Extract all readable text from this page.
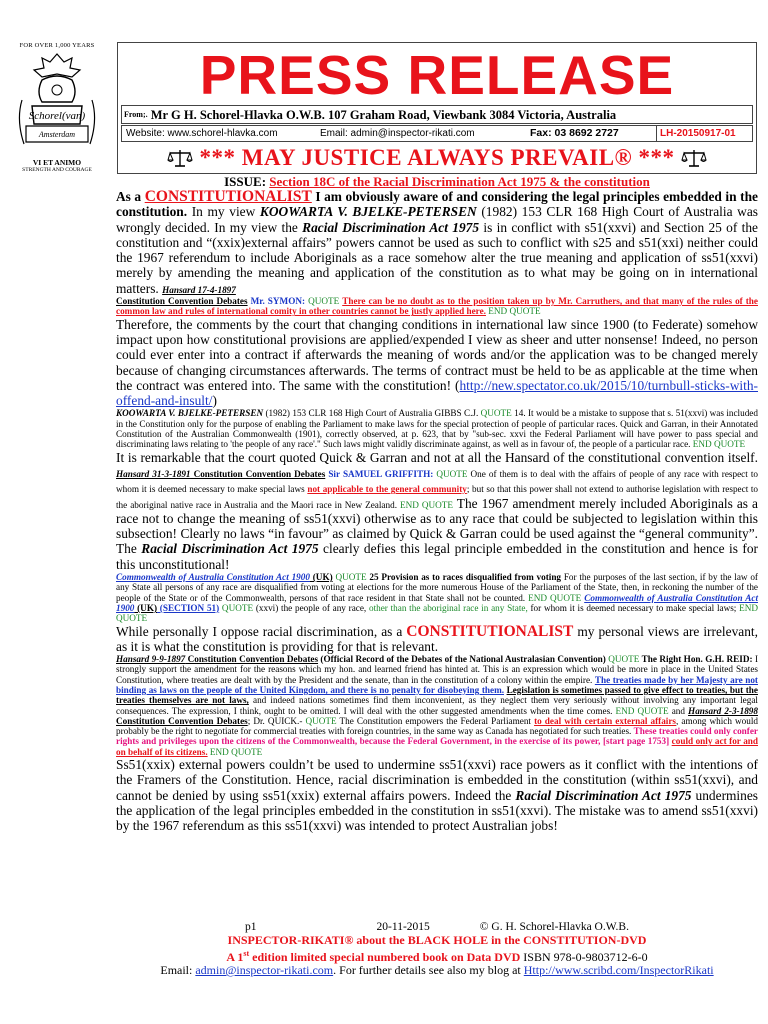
FOR OVER 1,000 YEARS
Schorel(van)
Amsterdam
VI ET ANIMO
STRENGTH AND COURAGE
PRESS RELEASE
From;. Mr G H. Schorel-Hlavka O.W.B. 107 Graham Road, Viewbank 3084 Victoria, Australia
Website: www.schorel-hlavka.com	Email: admin@inspector-rikati.com	Fax: 03 8692 2727	LH-20150917-01
*** MAY JUSTICE ALWAYS PREVAIL® ***

ISSUE: Section 18C of the Racial Discrimination Act 1975 & the constitution

As a CONSTITUTIONALIST I am obviously aware of and considering the legal principles embedded in the constitution. In my view KOOWARTA V. BJELKE-PETERSEN (1982) 153 CLR 168 High Court of Australia was wrongly decided. In my view the Racial Discrimination Act 1975 is in conflict with s51(xxvi) and Section 25 of the constitution and “(xxix)external affairs” powers cannot be used as such to conflict with s25 and s51(xxi) neither could the 1967 referendum to include Aboriginals as a race somehow alter the true meaning and application of ss51(xxvi) merely by amending the meaning and application of the constitution as to what may be going on in international matters. Hansard 17-4-1897

Constitution Convention Debates Mr. SYMON: QUOTE There can be no doubt as to the position taken up by Mr. Carruthers, and that many of the rules of the common law and rules of international comity in other countries cannot be justly applied here. END QUOTE

Therefore, the comments by the court that changing conditions in international law since 1900 (to Federate) somehow impact upon how constitutional provisions are applied/expended I view as sheer and utter nonsense! Indeed, no person could ever enter into a contract if afterwards the meaning of words and/or the application was to be changed merely because of changing circumstances afterwards. The terms of contract must be held to be as applicable at the time when the contract was entered into. The same with the constitution! (http://new.spectator.co.uk/2015/10/turnbull-sticks-with-offend-and-insult/)

KOOWARTA V. BJELKE-PETERSEN (1982) 153 CLR 168 High Court of Australia GIBBS C.J. QUOTE 14. It would be a mistake to suppose that s. 51(xxvi) was included in the Constitution only for the purpose of enabling the Parliament to make laws for the special protection of people of particular races. Quick and Garran, in their Annotated Constitution of the Australian Commonwealth (1901), correctly observed, at p. 623, that by "sub-sec. xxvi the Federal Parliament will have power to pass special and discriminating laws relating to 'the people of any race'." Such laws might validly discriminate against, as well as in favour of, the people of a particular race. END QUOTE

It is remarkable that the court quoted Quick & Garran and not at all the Hansard of the constitutional convention itself. Hansard 31-3-1891 Constitution Convention Debates Sir SAMUEL GRIFFITH: QUOTE One of them is to deal with the affairs of people of any race with respect to whom it is deemed necessary to make special laws not applicable to the general community; but so that this power shall not extend to authorise legislation with respect to the aboriginal native race in Australia and the Maori race in New Zealand. END QUOTE The 1967 amendment merely included Aboriginals as a race not to change the meaning of ss51(xxvi) otherwise as to any race that could be subjected to legislation within this subsection! Clearly no laws “in favour” as claimed by Quick & Garran could be used against the “general community”. The Racial Discrimination Act 1975 clearly defies this legal principle embedded in the constitution and hence is for this unconstitutional!

Commonwealth of Australia Constitution Act 1900 (UK) QUOTE 25 Provision as to races disqualified from voting For the purposes of the last section, if by the law of any State all persons of any race are disqualified from voting at elections for the more numerous House of the Parliament of the State, then, in reckoning the number of the people of the State or of the Commonwealth, persons of that race resident in that State shall not be counted. END QUOTE Commonwealth of Australia Constitution Act 1900 (UK) (SECTION 51) QUOTE (xxvi) the people of any race, other than the aboriginal race in any State, for whom it is deemed necessary to make special laws; END QUOTE

While personally I oppose racial discrimination, as a CONSTITUTIONALIST my personal views are irrelevant, as it is what the constitution is providing for that is relevant.

Hansard 9-9-1897 Constitution Convention Debates (Official Record of the Debates of the National Australasian Convention) QUOTE The Right Hon. G.H. REID: I strongly support the amendment for the reasons which my hon. and learned friend has hinted at. This is an expression which would be more in place in the United States Constitution, where treaties are dealt with by the President and the senate, than in the constitution of a colony within the empire. The treaties made by her Majesty are not binding as laws on the people of the United Kingdom, and there is no penalty for disobeying them. Legislation is sometimes passed to give effect to treaties, but the treaties themselves are not laws, and indeed nations sometimes find them inconvenient, as they neglect them very seriously without involving any important legal consequences. The expression, I think, ought to be omitted. I will deal with the other suggested amendments when the time comes. END QUOTE and Hansard 2-3-1898 Constitution Convention Debates; Dr. QUICK.- QUOTE The Constitution empowers the Federal Parliament to deal with certain external affairs, among which would probably be the right to negotiate for commercial treaties with foreign countries, in the same way as Canada has negotiated for such treaties. These treaties could only confer rights and privileges upon the citizens of the Commonwealth, because the Federal Government, in the exercise of its power, [start page 1753] could only act for and on behalf of its citizens. END QUOTE

Ss51(xxix) external powers couldn’t be used to undermine ss51(xxvi) race powers as it conflict with the intentions of the Framers of the Constitution. Hence, racial discrimination is embedded in the constitution (within ss51(xxvi), and cannot be denied by using ss51(xxix) external affairs powers. Indeed the Racial Discrimination Act 1975 undermines the application of the legal principles embedded in the constitution in ss51(xxvi). The mistake was to amend ss51(xxvi) by the 1967 referendum as this ss51(xxvi) was intended to protect Australian jobs!

p1	20-11-2015	© G. H. Schorel-Hlavka O.W.B.
INSPECTOR-RIKATI® about the BLACK HOLE in the CONSTITUTION-DVD
A 1st edition limited special numbered book on Data DVD ISBN 978-0-9803712-6-0
Email: admin@inspector-rikati.com. For further details see also my blog at Http://www.scribd.com/InspectorRikati
